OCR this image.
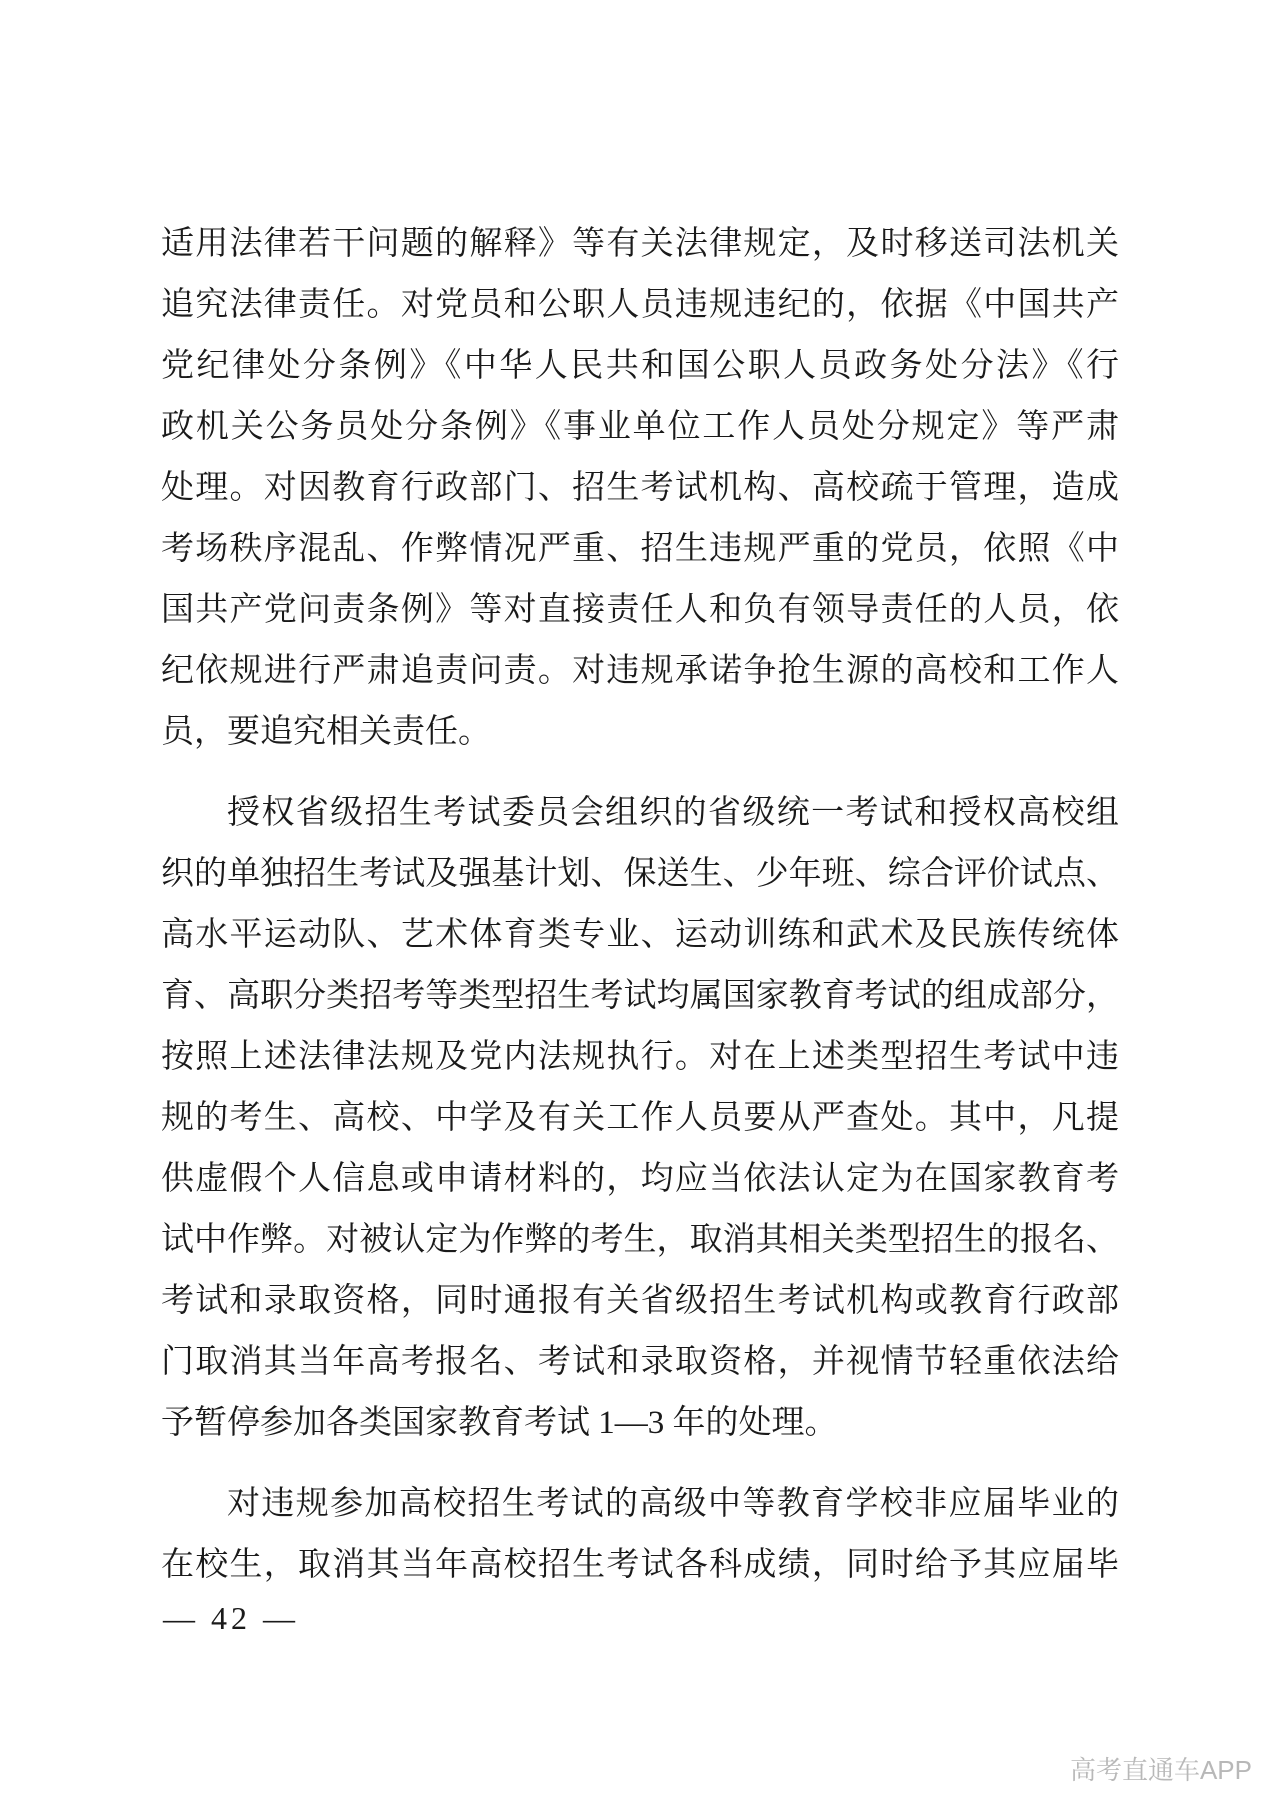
适用法律若干问题的解释》等有关法律规定，及时移送司法机关
追究法律责任。对党员和公职人员违规违纪的，依据《中国共产
党纪律处分条例》《中华人民共和国公职人员政务处分法》《行
政机关公务员处分条例》《事业单位工作人员处分规定》等严肃
处理。对因教育行政部门、招生考试机构、高校疏于管理，造成
考场秩序混乱、作弊情况严重、招生违规严重的党员，依照《中
国共产党问责条例》等对直接责任人和负有领导责任的人员，依
纪依规进行严肃追责问责。对违规承诺争抢生源的高校和工作人
员，要追究相关责任。
授权省级招生考试委员会组织的省级统一考试和授权高校组
织的单独招生考试及强基计划、保送生、少年班、综合评价试点、
高水平运动队、艺术体育类专业、运动训练和武术及民族传统体
育、高职分类招考等类型招生考试均属国家教育考试的组成部分，
按照上述法律法规及党内法规执行。对在上述类型招生考试中违
规的考生、高校、中学及有关工作人员要从严查处。其中，凡提
供虚假个人信息或申请材料的，均应当依法认定为在国家教育考
试中作弊。对被认定为作弊的考生，取消其相关类型招生的报名、
考试和录取资格，同时通报有关省级招生考试机构或教育行政部
门取消其当年高考报名、考试和录取资格，并视情节轻重依法给
予暂停参加各类国家教育考试 1—3 年的处理。
对违规参加高校招生考试的高级中等教育学校非应届毕业的
在校生，取消其当年高校招生考试各科成绩，同时给予其应届毕
— 42 —
高考直通车APP
